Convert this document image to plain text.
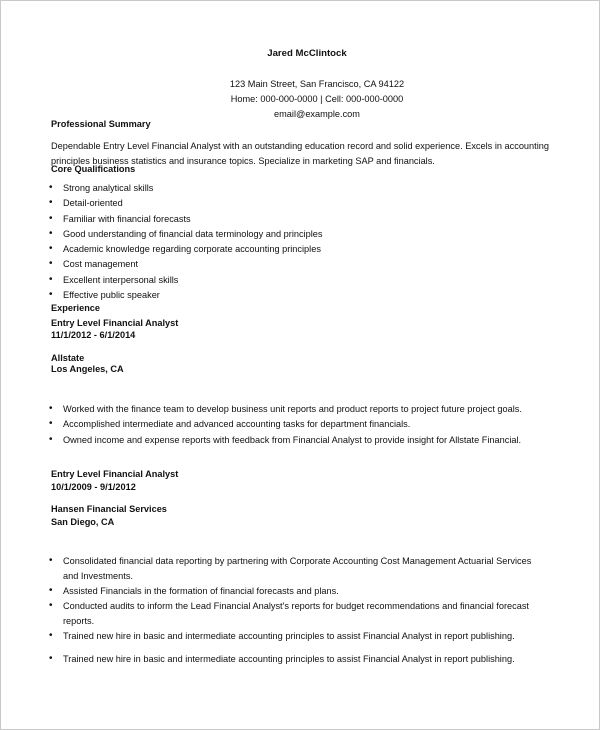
Jared McClintock
123 Main Street, San Francisco, CA 94122
Home: 000-000-0000 | Cell: 000-000-0000
email@example.com
Professional Summary
Dependable Entry Level Financial Analyst with an outstanding education record and solid experience. Excels in accounting principles business statistics and insurance topics. Specialize in marketing SAP and financials.
Core Qualifications
• Strong analytical skills
• Detail-oriented
• Familiar with financial forecasts
• Good understanding of financial data terminology and principles
• Academic knowledge regarding corporate accounting principles
• Cost management
• Excellent interpersonal skills
• Effective public speaker
Experience
Entry Level Financial Analyst
11/1/2012 - 6/1/2014
Allstate
Los Angeles, CA
• Worked with the finance team to develop business unit reports and product reports to project future project goals.
• Accomplished intermediate and advanced accounting tasks for department financials.
• Owned income and expense reports with feedback from Financial Analyst to provide insight for Allstate Financial.
Entry Level Financial Analyst
10/1/2009 - 9/1/2012
Hansen Financial Services
San Diego, CA
• Consolidated financial data reporting by partnering with Corporate Accounting Cost Management Actuarial Services and Investments.
• Assisted Financials in the formation of financial forecasts and plans.
• Conducted audits to inform the Lead Financial Analyst's reports for budget recommendations and financial forecast reports.
• Trained new hire in basic and intermediate accounting principles to assist Financial Analyst in report publishing.
• Trained new hire in basic and intermediate accounting principles to assist Financial Analyst in report publishing.
